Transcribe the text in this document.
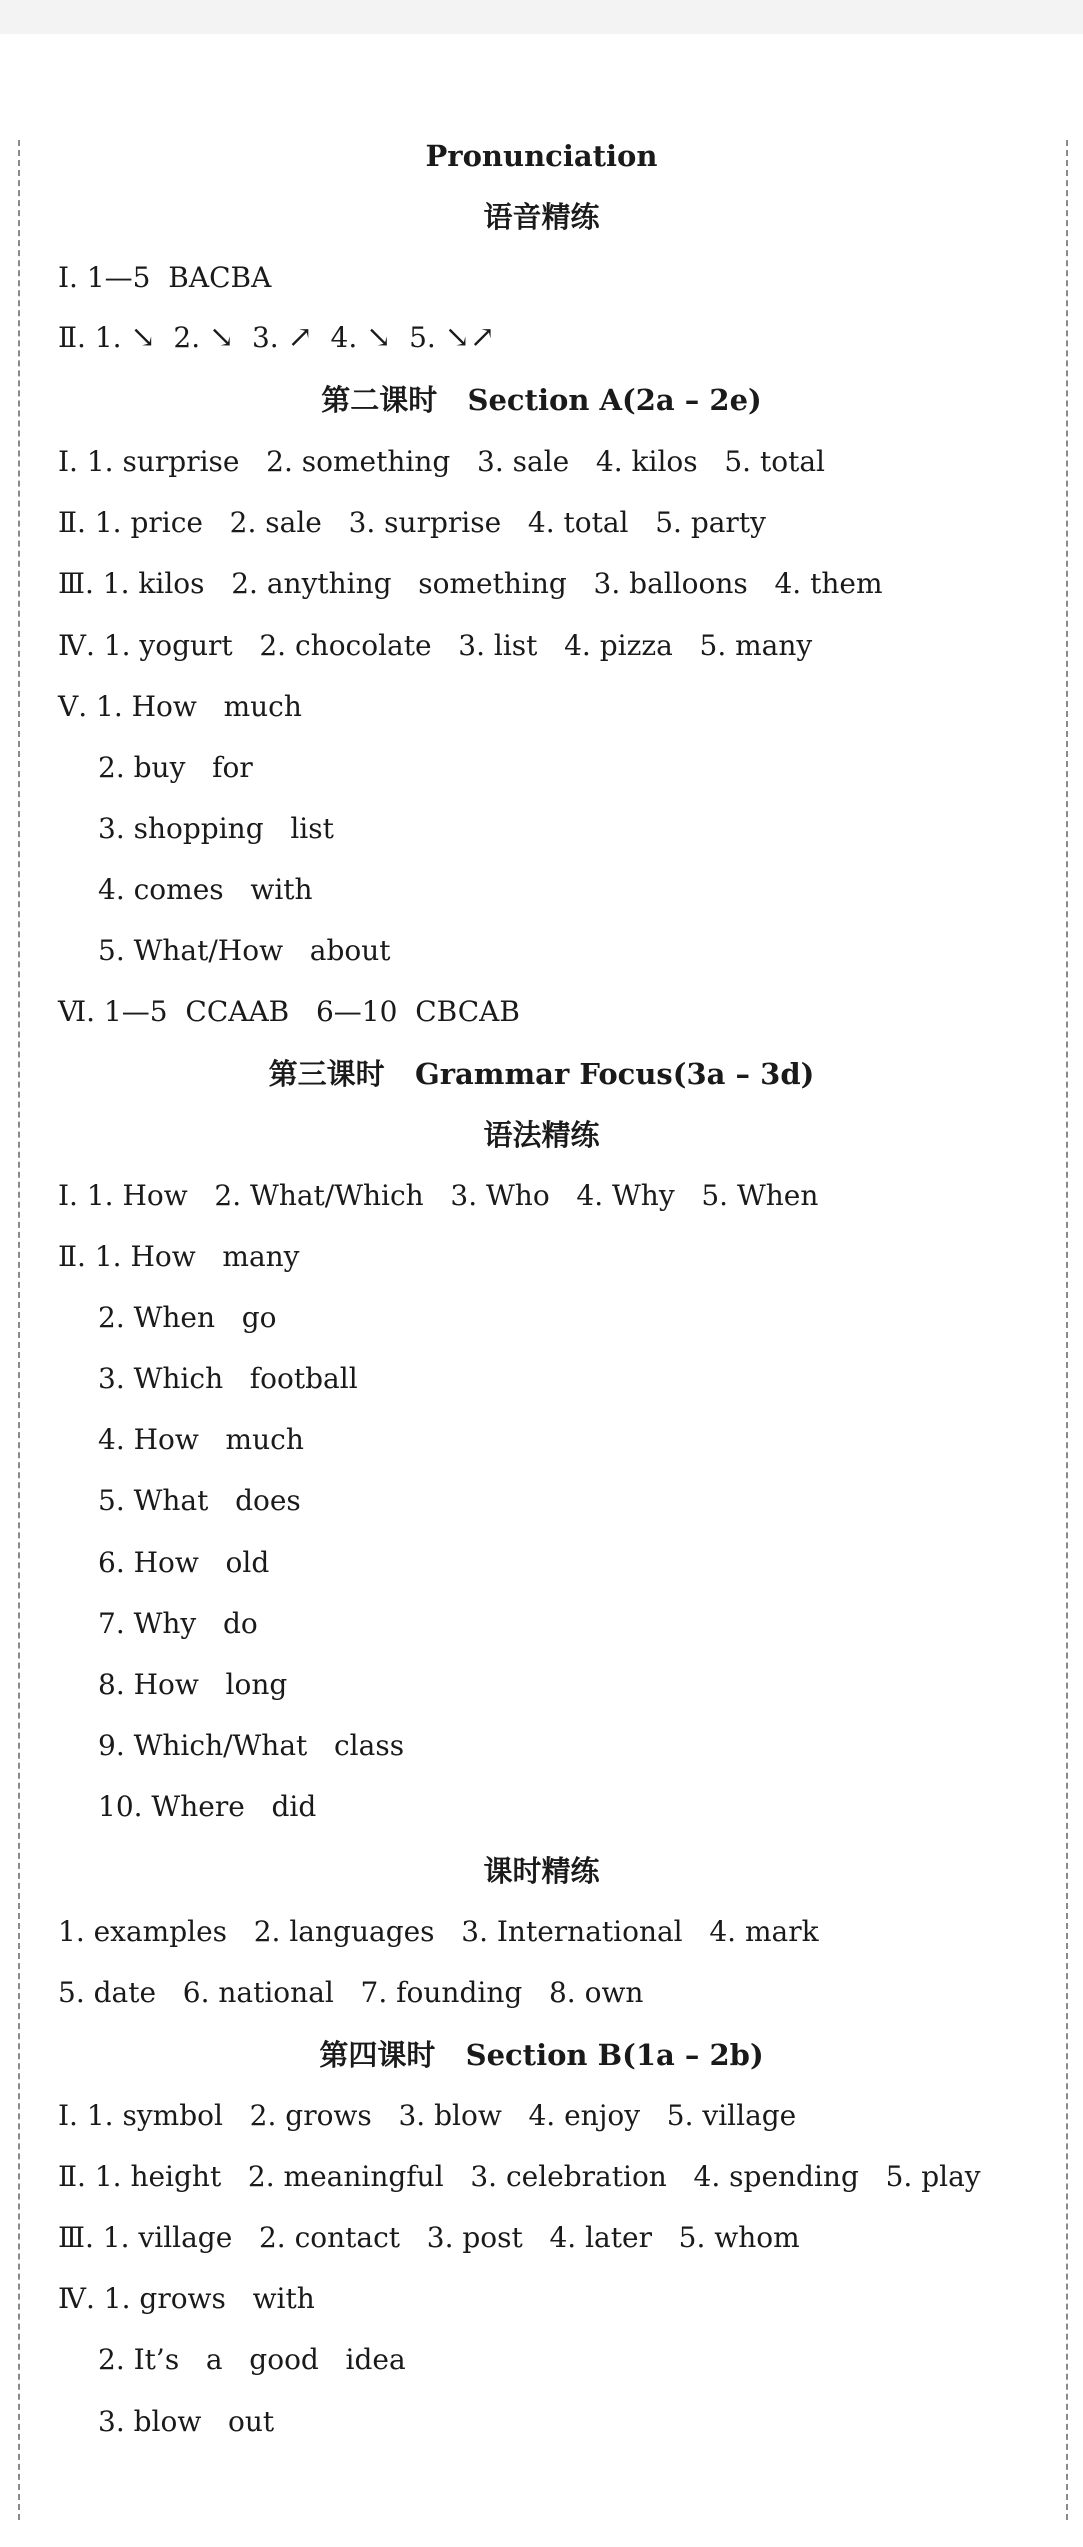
Pronunciation
语音精练
Ⅰ. 1—5  BACBA
Ⅱ. 1. ↘  2. ↘  3. ↗  4. ↘  5. ↘↗
第二课时 Section A(2a – 2e)
Ⅰ. 1. surprise   2. something   3. sale   4. kilos   5. total
Ⅱ. 1. price   2. sale   3. surprise   4. total   5. party
Ⅲ. 1. kilos   2. anything   something   3. balloons   4. them
Ⅳ. 1. yogurt   2. chocolate   3. list   4. pizza   5. many
Ⅴ. 1. How   much
2. buy   for
3. shopping   list
4. comes   with
5. What/How   about
Ⅵ. 1—5  CCAAB   6—10  CBCAB
第三课时 Grammar Focus(3a – 3d)
语法精练
Ⅰ. 1. How   2. What/Which   3. Who   4. Why   5. When
Ⅱ. 1. How   many
2. When   go
3. Which   football
4. How   much
5. What   does
6. How   old
7. Why   do
8. How   long
9. Which/What   class
10. Where   did
课时精练
1. examples   2. languages   3. International   4. mark
5. date   6. national   7. founding   8. own
第四课时 Section B(1a – 2b)
Ⅰ. 1. symbol   2. grows   3. blow   4. enjoy   5. village
Ⅱ. 1. height   2. meaningful   3. celebration   4. spending   5. play
Ⅲ. 1. village   2. contact   3. post   4. later   5. whom
Ⅳ. 1. grows   with
2. It’s   a   good   idea
3. blow   out
